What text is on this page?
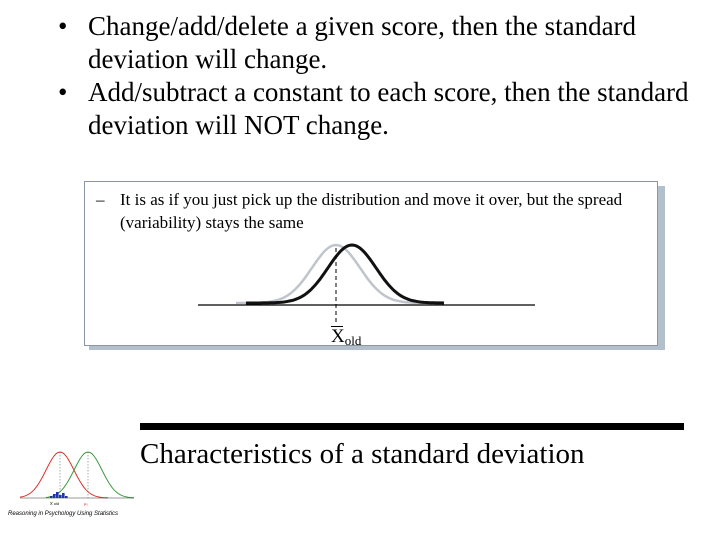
• Change/add/delete a given score, then the standard deviation will change.
• Add/subtract a constant to each score, then the standard deviation will NOT change.
– It is as if you just pick up the distribution and move it over, but the spread (variability) stays the same
Xold
Characteristics of a standard deviation
X̅ old	μ₀
Reasoning in Psychology Using Statistics
